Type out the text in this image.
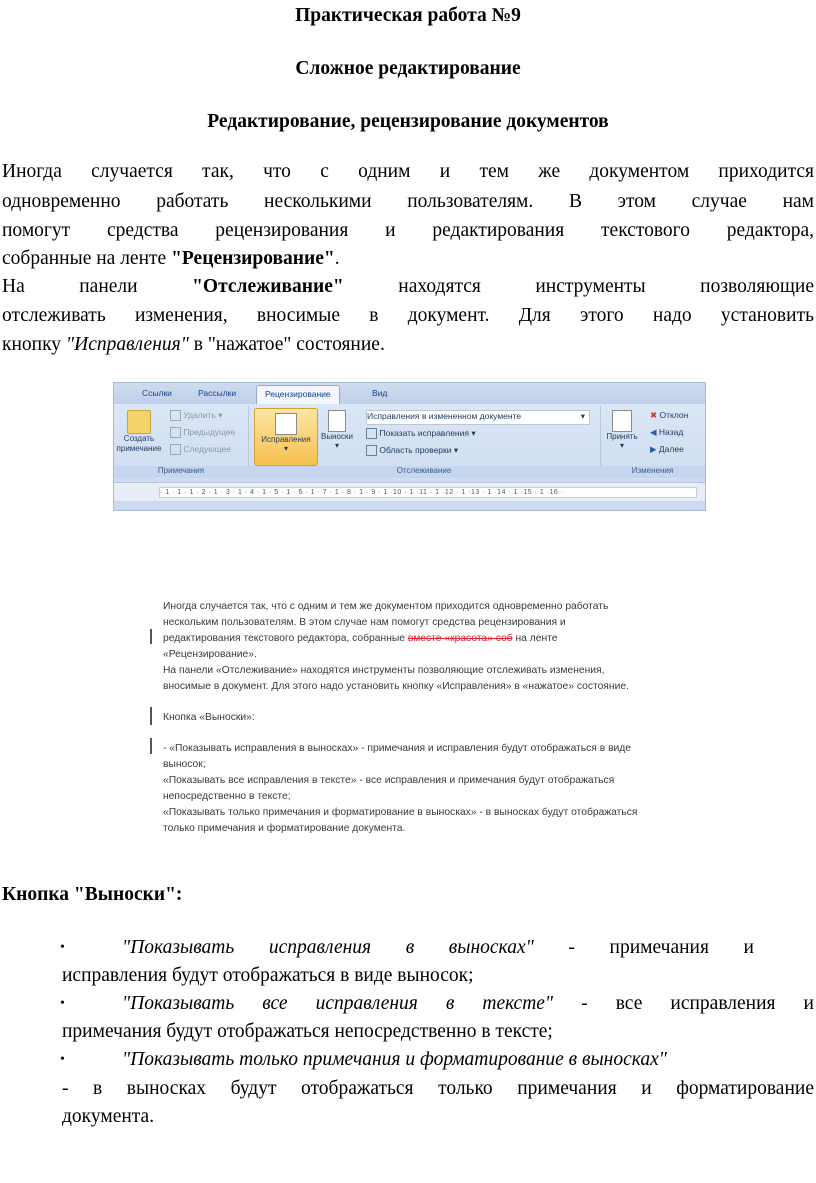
Практическая работа №9
Сложное редактирование
Редактирование, рецензирование документов
Иногда случается так, что с одним и тем же документом приходится
одновременно работать несколькими пользователям. В этом случае нам
помогут средства рецензирования и редактирования текстового редактора,
собранные на ленте "Рецензирование".
На панели "Отслеживание" находятся инструменты позволяющие
отслеживать изменения, вносимые в документ. Для этого надо установить
кнопку "Исправления" в "нажатое" состояние.
Ссылки	Рассылки	Рецензирование	Вид
Создать примечание
Удалить ▾
Предыдущее
Следующее
Примечания
Исправления
▾
Выноски
▾
Исправления в измененном документе	▾
Показать исправления ▾
Область проверки ▾
Отслеживание
Принять
▾
✖ Отклон
◀ Назад
▶ Далее
Изменения
· 1 · 1 · 1 · 2 · 1 · 3 · 1 · 4 · 1 · 5 · 1 · 6 · 1 · 7 · 1 · 8 · 1 · 9 · 1 ·10 · 1 ·11 · 1 ·12 · 1 ·13 · 1 ·14 · 1 ·15 · 1 ·16 ·
Иногда случается так, что с одним и тем же документом приходится одновременно работать
нескольким пользователям. В этом случае нам помогут средства рецензирования и
редактирования текстового редактора, собранные вместе «красота» соб на ленте
«Рецензирование».
На панели «Отслеживание» находятся инструменты позволяющие отслеживать изменения,
вносимые в документ. Для этого надо установить кнопку «Исправления» в «нажатое» состояние.
Кнопка «Выноски»:
- «Показывать исправления в выносках» - примечания и исправления будут отображаться в виде
выносок;
«Показывать все исправления в тексте» - все исправления и примечания будут отображаться
непосредственно в тексте;
«Показывать только примечания и форматирование в выносках» - в выносках будут отображаться
только примечания и форматирование документа.
Кнопка "Выноски":
•	"Показывать исправления в выносках" - примечания и
исправления будут отображаться в виде выносок;
•	"Показывать все исправления в тексте" - все исправления и
примечания будут отображаться непосредственно в тексте;
•	"Показывать только примечания и форматирование в выносках"
- в выносках будут отображаться только примечания и форматирование
документа.
